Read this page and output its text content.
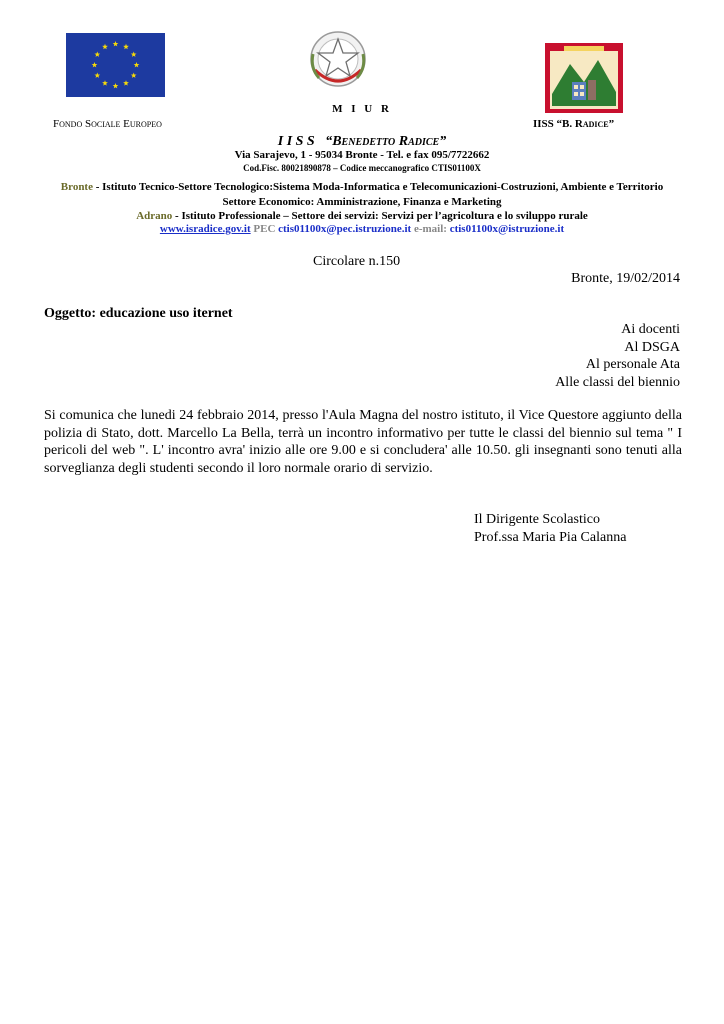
Fondo Sociale Europeo	IISS “B. Radice”
M I U R
I I S S   “Benedetto Radice”
Via Sarajevo, 1 - 95034 Bronte - Tel. e fax 095/7722662
Cod.Fisc. 80021890878 – Codice meccanografico CTIS01100X
Bronte - Istituto Tecnico-Settore Tecnologico:Sistema Moda-Informatica e Telecomunicazioni-Costruzioni, Ambiente e Territorio
Settore Economico: Amministrazione, Finanza e Marketing
Adrano - Istituto Professionale – Settore dei servizi: Servizi per l’agricoltura e lo sviluppo rurale
www.isradice.gov.it PEC ctis01100x@pec.istruzione.it e-mail: ctis01100x@istruzione.it
Circolare n.150
Bronte, 19/02/2014
Oggetto: educazione uso iternet
Ai docenti
Al DSGA
Al personale Ata
Alle classi del biennio
Si comunica che lunedi 24 febbraio 2014, presso l'Aula Magna del nostro istituto, il Vice Questore aggiunto della polizia di Stato, dott. Marcello La Bella, terrà un incontro informativo per tutte le classi del biennio sul tema " I pericoli del web ". L' incontro avra' inizio alle ore 9.00 e si concludera' alle 10.50. gli insegnanti sono tenuti alla sorveglianza degli studenti secondo il loro normale orario di servizio.
Il Dirigente Scolastico
Prof.ssa Maria Pia Calanna
